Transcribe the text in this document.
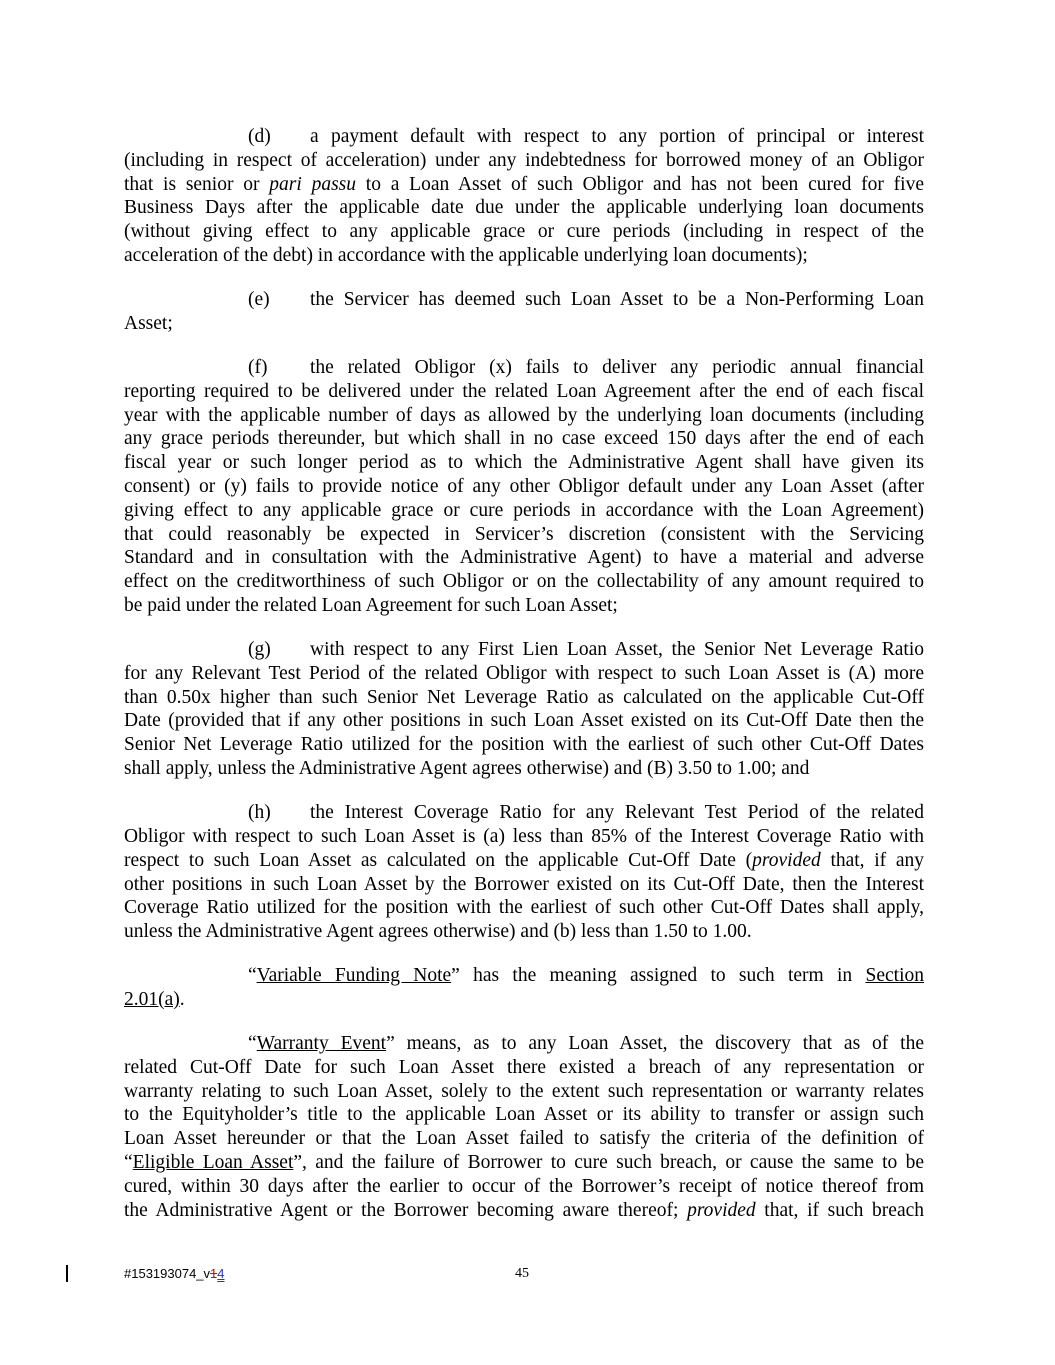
(d) a payment default with respect to any portion of principal or interest
(including in respect of acceleration) under any indebtedness for borrowed money of an Obligor
that is senior or pari passu to a Loan Asset of such Obligor and has not been cured for five
Business Days after the applicable date due under the applicable underlying loan documents
(without giving effect to any applicable grace or cure periods (including in respect of the
acceleration of the debt) in accordance with the applicable underlying loan documents);
(e) the Servicer has deemed such Loan Asset to be a Non-Performing Loan
Asset;
(f) the related Obligor (x) fails to deliver any periodic annual financial
reporting required to be delivered under the related Loan Agreement after the end of each fiscal
year with the applicable number of days as allowed by the underlying loan documents (including
any grace periods thereunder, but which shall in no case exceed 150 days after the end of each
fiscal year or such longer period as to which the Administrative Agent shall have given its
consent) or (y) fails to provide notice of any other Obligor default under any Loan Asset (after
giving effect to any applicable grace or cure periods in accordance with the Loan Agreement)
that could reasonably be expected in Servicer’s discretion (consistent with the Servicing
Standard and in consultation with the Administrative Agent) to have a material and adverse
effect on the creditworthiness of such Obligor or on the collectability of any amount required to
be paid under the related Loan Agreement for such Loan Asset;
(g) with respect to any First Lien Loan Asset, the Senior Net Leverage Ratio
for any Relevant Test Period of the related Obligor with respect to such Loan Asset is (A) more
than 0.50x higher than such Senior Net Leverage Ratio as calculated on the applicable Cut-Off
Date (provided that if any other positions in such Loan Asset existed on its Cut-Off Date then the
Senior Net Leverage Ratio utilized for the position with the earliest of such other Cut-Off Dates
shall apply, unless the Administrative Agent agrees otherwise) and (B) 3.50 to 1.00; and
(h) the Interest Coverage Ratio for any Relevant Test Period of the related
Obligor with respect to such Loan Asset is (a) less than 85% of the Interest Coverage Ratio with
respect to such Loan Asset as calculated on the applicable Cut-Off Date (provided that, if any
other positions in such Loan Asset by the Borrower existed on its Cut-Off Date, then the Interest
Coverage Ratio utilized for the position with the earliest of such other Cut-Off Dates shall apply,
unless the Administrative Agent agrees otherwise) and (b) less than 1.50 to 1.00.
“Variable Funding Note” has the meaning assigned to such term in Section
2.01(a).
“Warranty Event” means, as to any Loan Asset, the discovery that as of the
related Cut-Off Date for such Loan Asset there existed a breach of any representation or
warranty relating to such Loan Asset, solely to the extent such representation or warranty relates
to the Equityholder’s title to the applicable Loan Asset or its ability to transfer or assign such
Loan Asset hereunder or that the Loan Asset failed to satisfy the criteria of the definition of
“Eligible Loan Asset”, and the failure of Borrower to cure such breach, or cause the same to be
cured, within 30 days after the earlier to occur of the Borrower’s receipt of notice thereof from
the Administrative Agent or the Borrower becoming aware thereof; provided that, if such breach
#153193074_v14	45
